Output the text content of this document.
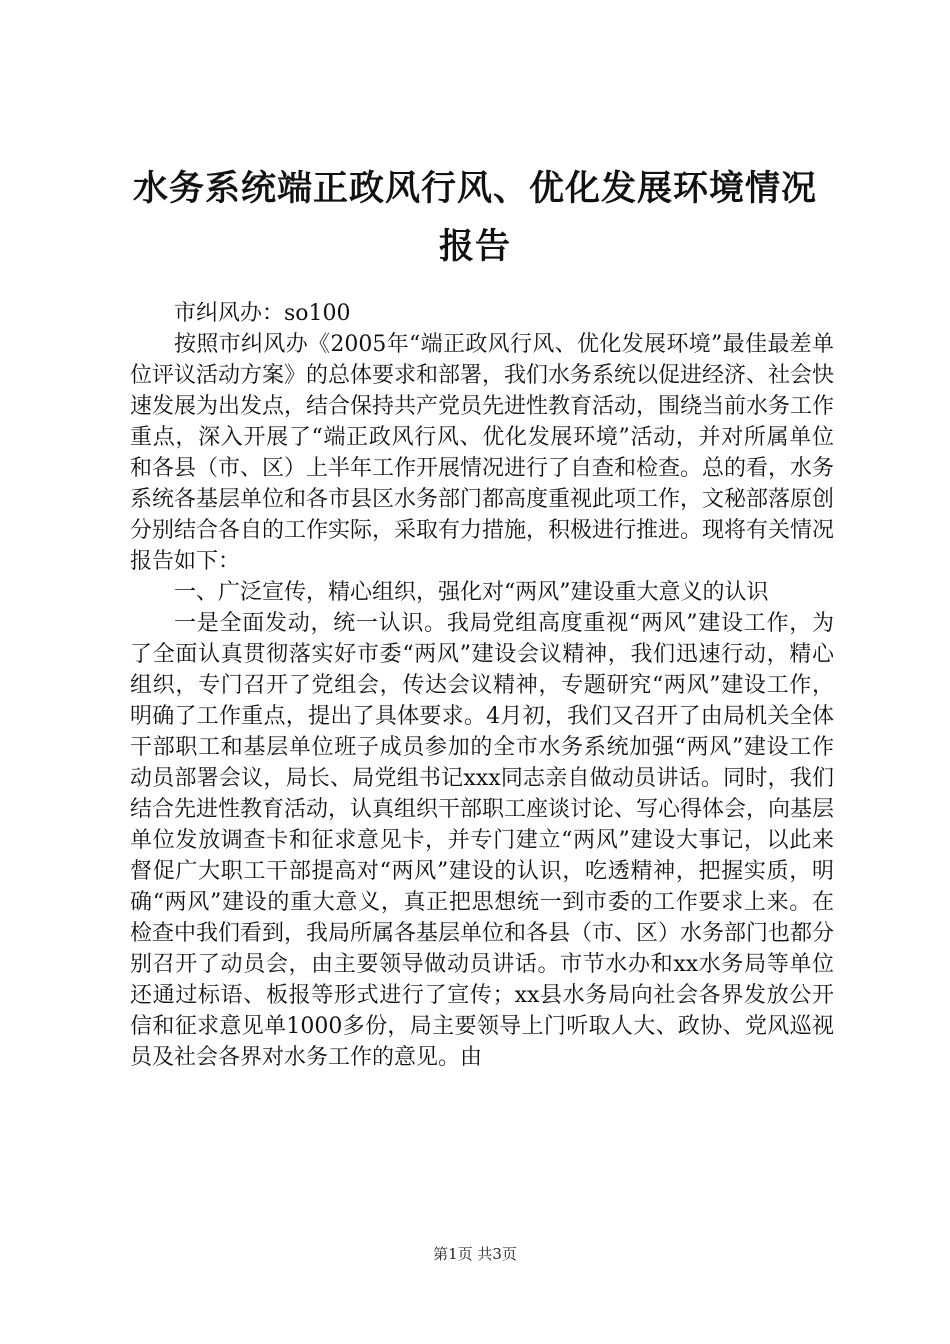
水务系统端正政风行风、优化发展环境情况报告

市纠风办：so100

按照市纠风办《2005年“端正政风行风、优化发展环境”最佳最差单位评议活动方案》的总体要求和部署，我们水务系统以促进经济、社会快速发展为出发点，结合保持共产党员先进性教育活动，围绕当前水务工作重点，深入开展了“端正政风行风、优化发展环境”活动，并对所属单位和各县（市、区）上半年工作开展情况进行了自查和检查。总的看，水务系统各基层单位和各市县区水务部门都高度重视此项工作，文秘部落原创分别结合各自的工作实际，采取有力措施，积极进行推进。现将有关情况报告如下：

一、广泛宣传，精心组织，强化对“两风”建设重大意义的认识

一是全面发动，统一认识。我局党组高度重视“两风”建设工作，为了全面认真贯彻落实好市委“两风”建设会议精神，我们迅速行动，精心组织，专门召开了党组会，传达会议精神，专题研究“两风”建设工作，明确了工作重点，提出了具体要求。4月初，我们又召开了由局机关全体干部职工和基层单位班子成员参加的全市水务系统加强“两风”建设工作动员部署会议，局长、局党组书记xxx同志亲自做动员讲话。同时，我们结合先进性教育活动，认真组织干部职工座谈讨论、写心得体会，向基层单位发放调查卡和征求意见卡，并专门建立“两风”建设大事记，以此来督促广大职工干部提高对“两风”建设的认识，吃透精神，把握实质，明确“两风”建设的重大意义，真正把思想统一到市委的工作要求上来。在检查中我们看到，我局所属各基层单位和各县（市、区）水务部门也都分别召开了动员会，由主要领导做动员讲话。市节水办和xx水务局等单位还通过标语、板报等形式进行了宣传；xx县水务局向社会各界发放公开信和征求意见单1000多份，局主要领导上门听取人大、政协、党风巡视员及社会各界对水务工作的意见。由

第1页 共3页
